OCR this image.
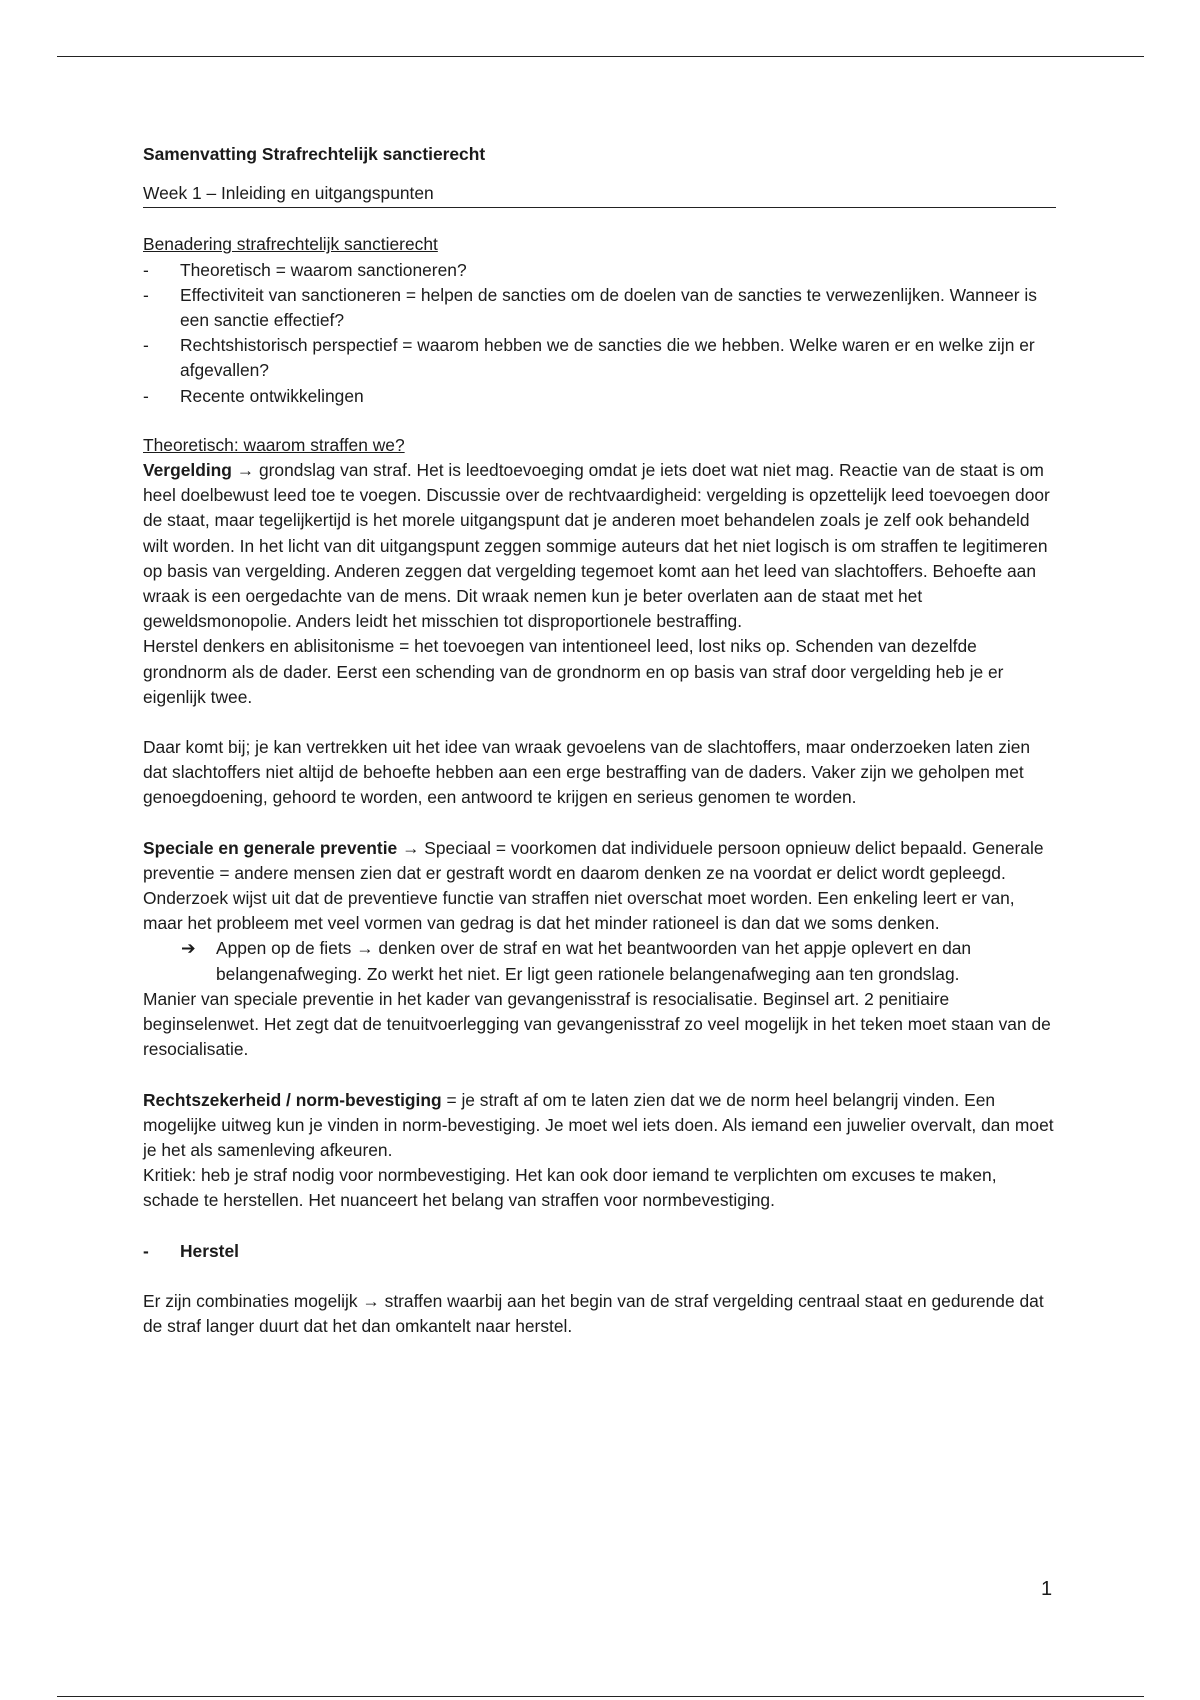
Samenvatting Strafrechtelijk sanctierecht

Week 1 – Inleiding en uitgangspunten

Benadering strafrechtelijk sanctierecht

- Theoretisch = waarom sanctioneren?
- Effectiviteit van sanctioneren = helpen de sancties om de doelen van de sancties te verwezenlijken. Wanneer is een sanctie effectief?
- Rechtshistorisch perspectief = waarom hebben we de sancties die we hebben. Welke waren er en welke zijn er afgevallen?
- Recente ontwikkelingen

Theoretisch: waarom straffen we?

Vergelding → grondslag van straf. Het is leedtoevoeging omdat je iets doet wat niet mag. Reactie van de staat is om heel doelbewust leed toe te voegen. Discussie over de rechtvaardigheid: vergelding is opzettelijk leed toevoegen door de staat, maar tegelijkertijd is het morele uitgangspunt dat je anderen moet behandelen zoals je zelf ook behandeld wilt worden. In het licht van dit uitgangspunt zeggen sommige auteurs dat het niet logisch is om straffen te legitimeren op basis van vergelding. Anderen zeggen dat vergelding tegemoet komt aan het leed van slachtoffers. Behoefte aan wraak is een oergedachte van de mens. Dit wraak nemen kun je beter overlaten aan de staat met het geweldsmonopolie. Anders leidt het misschien tot disproportionele bestraffing.

Herstel denkers en ablisitonisme = het toevoegen van intentioneel leed, lost niks op. Schenden van dezelfde grondnorm als de dader. Eerst een schending van de grondnorm en op basis van straf door vergelding heb je er eigenlijk twee.

Daar komt bij; je kan vertrekken uit het idee van wraak gevoelens van de slachtoffers, maar onderzoeken laten zien dat slachtoffers niet altijd de behoefte hebben aan een erge bestraffing van de daders. Vaker zijn we geholpen met genoegdoening, gehoord te worden, een antwoord te krijgen en serieus genomen te worden.

Speciale en generale preventie → Speciaal = voorkomen dat individuele persoon opnieuw delict bepaald. Generale preventie = andere mensen zien dat er gestraft wordt en daarom denken ze na voordat er delict wordt gepleegd.

Onderzoek wijst uit dat de preventieve functie van straffen niet overschat moet worden. Een enkeling leert er van, maar het probleem met veel vormen van gedrag is dat het minder rationeel is dan dat we soms denken.

➔ Appen op de fiets → denken over de straf en wat het beantwoorden van het appje oplevert en dan belangenafweging. Zo werkt het niet. Er ligt geen rationele belangenafweging aan ten grondslag.

Manier van speciale preventie in het kader van gevangenisstraf is resocialisatie. Beginsel art. 2 penitiaire beginselenwet. Het zegt dat de tenuitvoerlegging van gevangenisstraf zo veel mogelijk in het teken moet staan van de resocialisatie.

Rechtszekerheid / norm-bevestiging = je straft af om te laten zien dat we de norm heel belangrij vinden. Een mogelijke uitweg kun je vinden in norm-bevestiging. Je moet wel iets doen. Als iemand een juwelier overvalt, dan moet je het als samenleving afkeuren.

Kritiek: heb je straf nodig voor normbevestiging. Het kan ook door iemand te verplichten om excuses te maken, schade te herstellen. Het nuanceert het belang van straffen voor normbevestiging.

- Herstel

Er zijn combinaties mogelijk → straffen waarbij aan het begin van de straf vergelding centraal staat en gedurende dat de straf langer duurt dat het dan omkantelt naar herstel.

1
